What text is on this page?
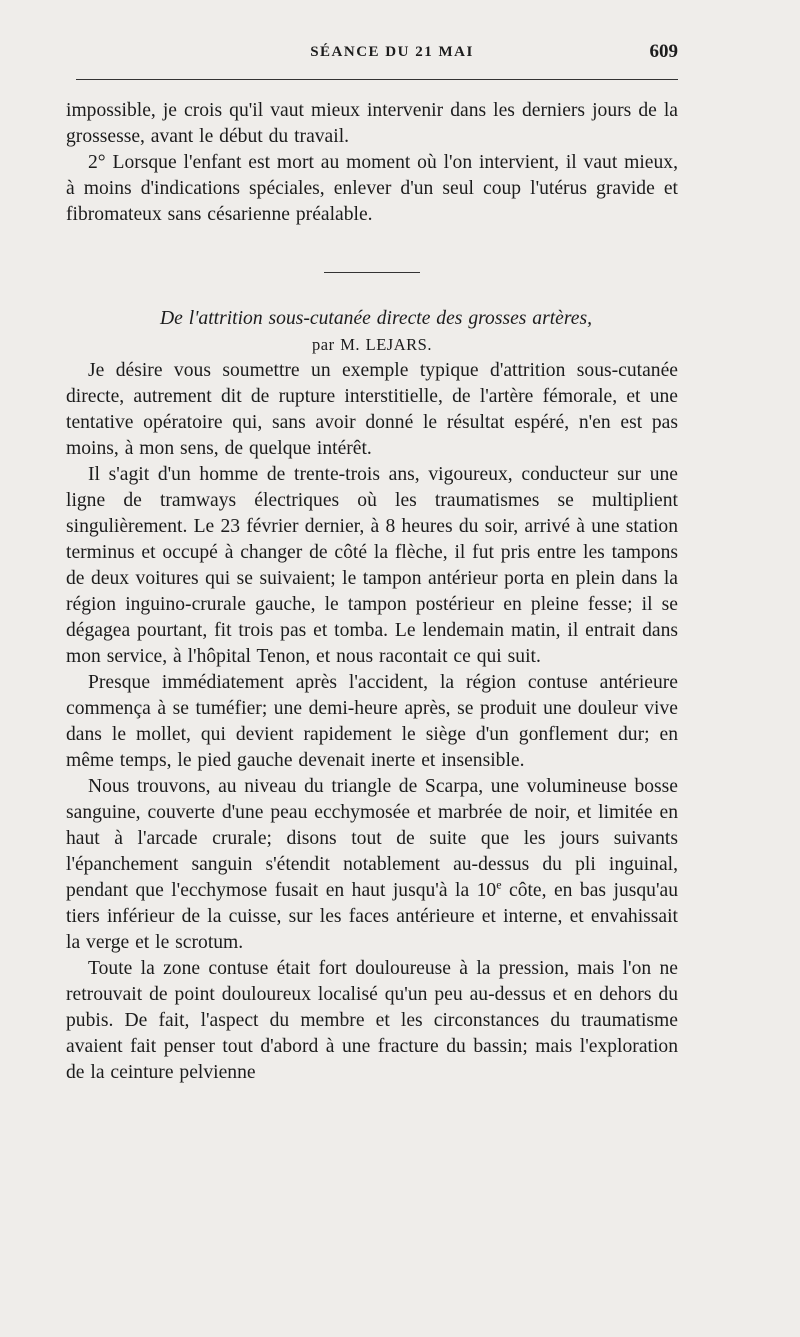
SÉANCE DU 21 MAI	609

impossible, je crois qu'il vaut mieux intervenir dans les derniers jours de la grossesse, avant le début du travail.

2° Lorsque l'enfant est mort au moment où l'on intervient, il vaut mieux, à moins d'indications spéciales, enlever d'un seul coup l'utérus gravide et fibromateux sans césarienne préalable.

De l'attrition sous-cutanée directe des grosses artères,

par M. LEJARS.

Je désire vous soumettre un exemple typique d'attrition sous-cutanée directe, autrement dit de rupture interstitielle, de l'artère fémorale, et une tentative opératoire qui, sans avoir donné le résultat espéré, n'en est pas moins, à mon sens, de quelque intérêt.

Il s'agit d'un homme de trente-trois ans, vigoureux, conducteur sur une ligne de tramways électriques où les traumatismes se multiplient singulièrement. Le 23 février dernier, à 8 heures du soir, arrivé à une station terminus et occupé à changer de côté la flèche, il fut pris entre les tampons de deux voitures qui se suivaient; le tampon antérieur porta en plein dans la région inguino-crurale gauche, le tampon postérieur en pleine fesse; il se dégagea pourtant, fit trois pas et tomba. Le lendemain matin, il entrait dans mon service, à l'hôpital Tenon, et nous racontait ce qui suit.

Presque immédiatement après l'accident, la région contuse antérieure commença à se tuméfier; une demi-heure après, se produit une douleur vive dans le mollet, qui devient rapidement le siège d'un gonflement dur; en même temps, le pied gauche devenait inerte et insensible.

Nous trouvons, au niveau du triangle de Scarpa, une volumineuse bosse sanguine, couverte d'une peau ecchymosée et marbrée de noir, et limitée en haut à l'arcade crurale; disons tout de suite que les jours suivants l'épanchement sanguin s'étendit notablement au-dessus du pli inguinal, pendant que l'ecchymose fusait en haut jusqu'à la 10e côte, en bas jusqu'au tiers inférieur de la cuisse, sur les faces antérieure et interne, et envahissait la verge et le scrotum.

Toute la zone contuse était fort douloureuse à la pression, mais l'on ne retrouvait de point douloureux localisé qu'un peu au-dessus et en dehors du pubis. De fait, l'aspect du membre et les circonstances du traumatisme avaient fait penser tout d'abord à une fracture du bassin; mais l'exploration de la ceinture pelvienne
